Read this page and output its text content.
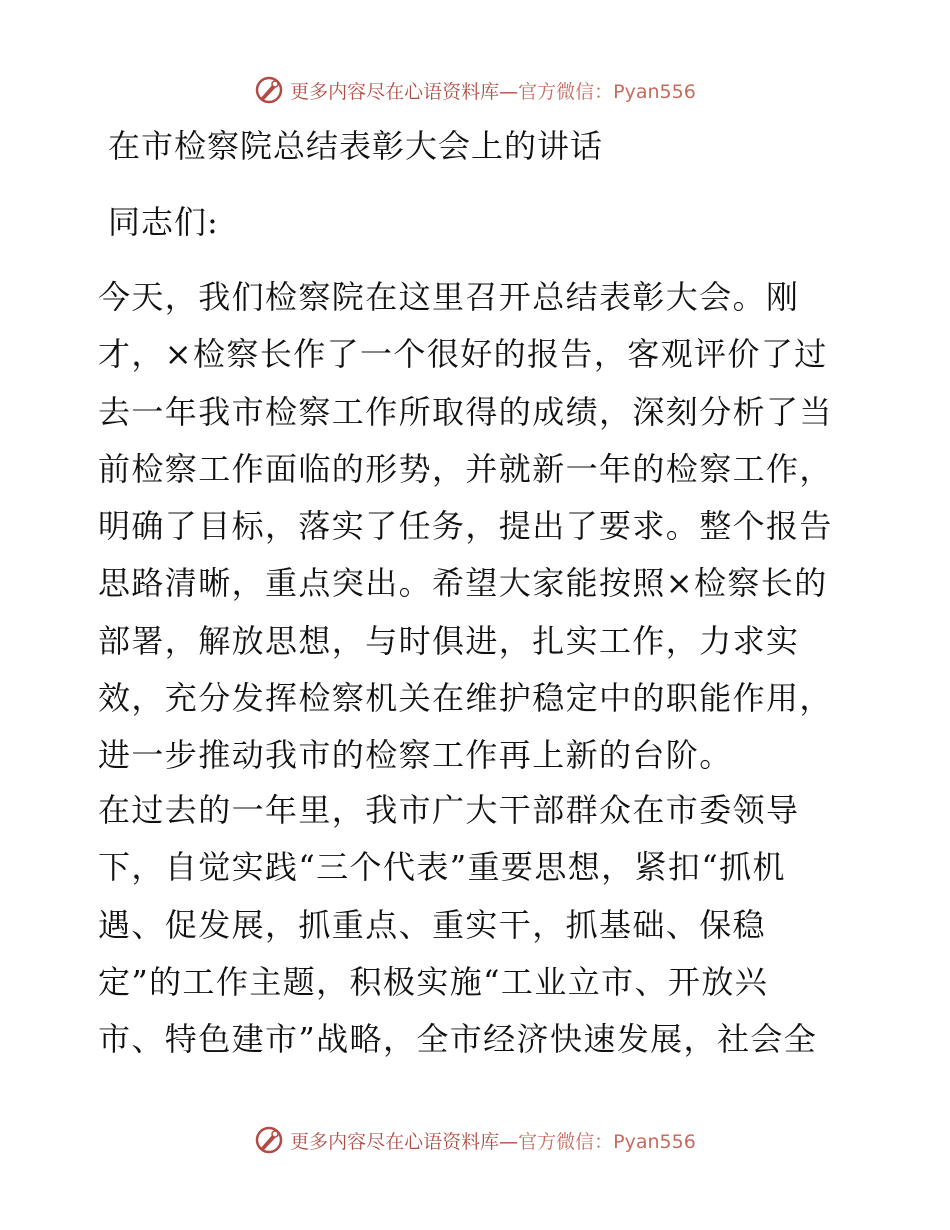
更多内容尽在心语资料库—官方微信：Pyan556
在市检察院总结表彰大会上的讲话
同志们:
今天，我们检察院在这里召开总结表彰大会。刚
才，×检察长作了一个很好的报告，客观评价了过
去一年我市检察工作所取得的成绩，深刻分析了当
前检察工作面临的形势，并就新一年的检察工作，
明确了目标，落实了任务，提出了要求。整个报告
思路清晰，重点突出。希望大家能按照×检察长的
部署，解放思想，与时俱进，扎实工作，力求实
效，充分发挥检察机关在维护稳定中的职能作用，
进一步推动我市的检察工作再上新的台阶。
在过去的一年里，我市广大干部群众在市委领导
下，自觉实践“三个代表”重要思想，紧扣“抓机
遇、促发展，抓重点、重实干，抓基础、保稳
定”的工作主题，积极实施“工业立市、开放兴
市、特色建市”战略，全市经济快速发展，社会全
更多内容尽在心语资料库—官方微信：Pyan556
